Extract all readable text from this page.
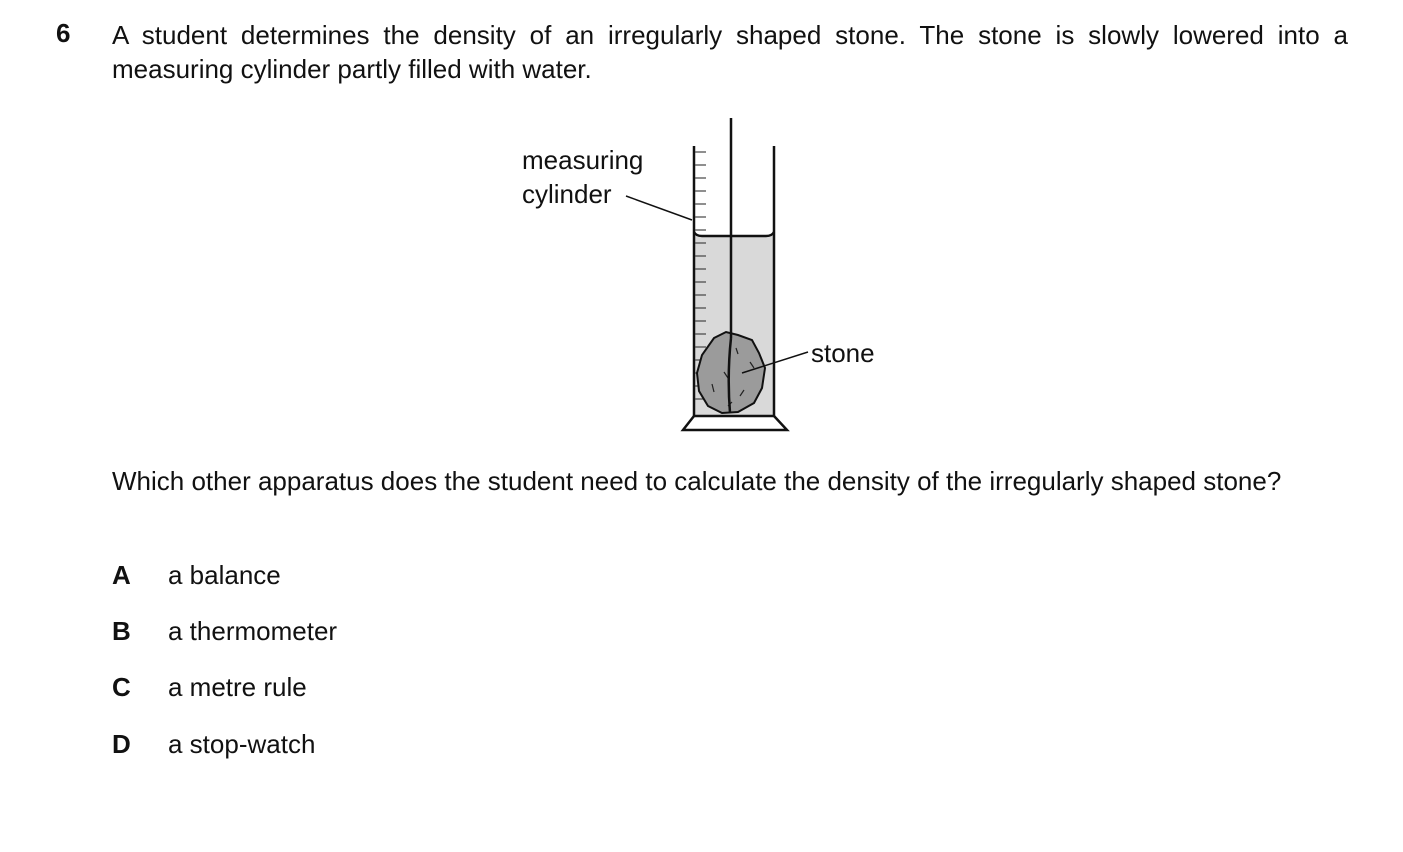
6 A student determines the density of an irregularly shaped stone. The stone is slowly lowered into a measuring cylinder partly filled with water.
measuring
cylinder
stone
Which other apparatus does the student need to calculate the density of the irregularly shaped stone?
A a balance
B a thermometer
C a metre rule
D a stop-watch
